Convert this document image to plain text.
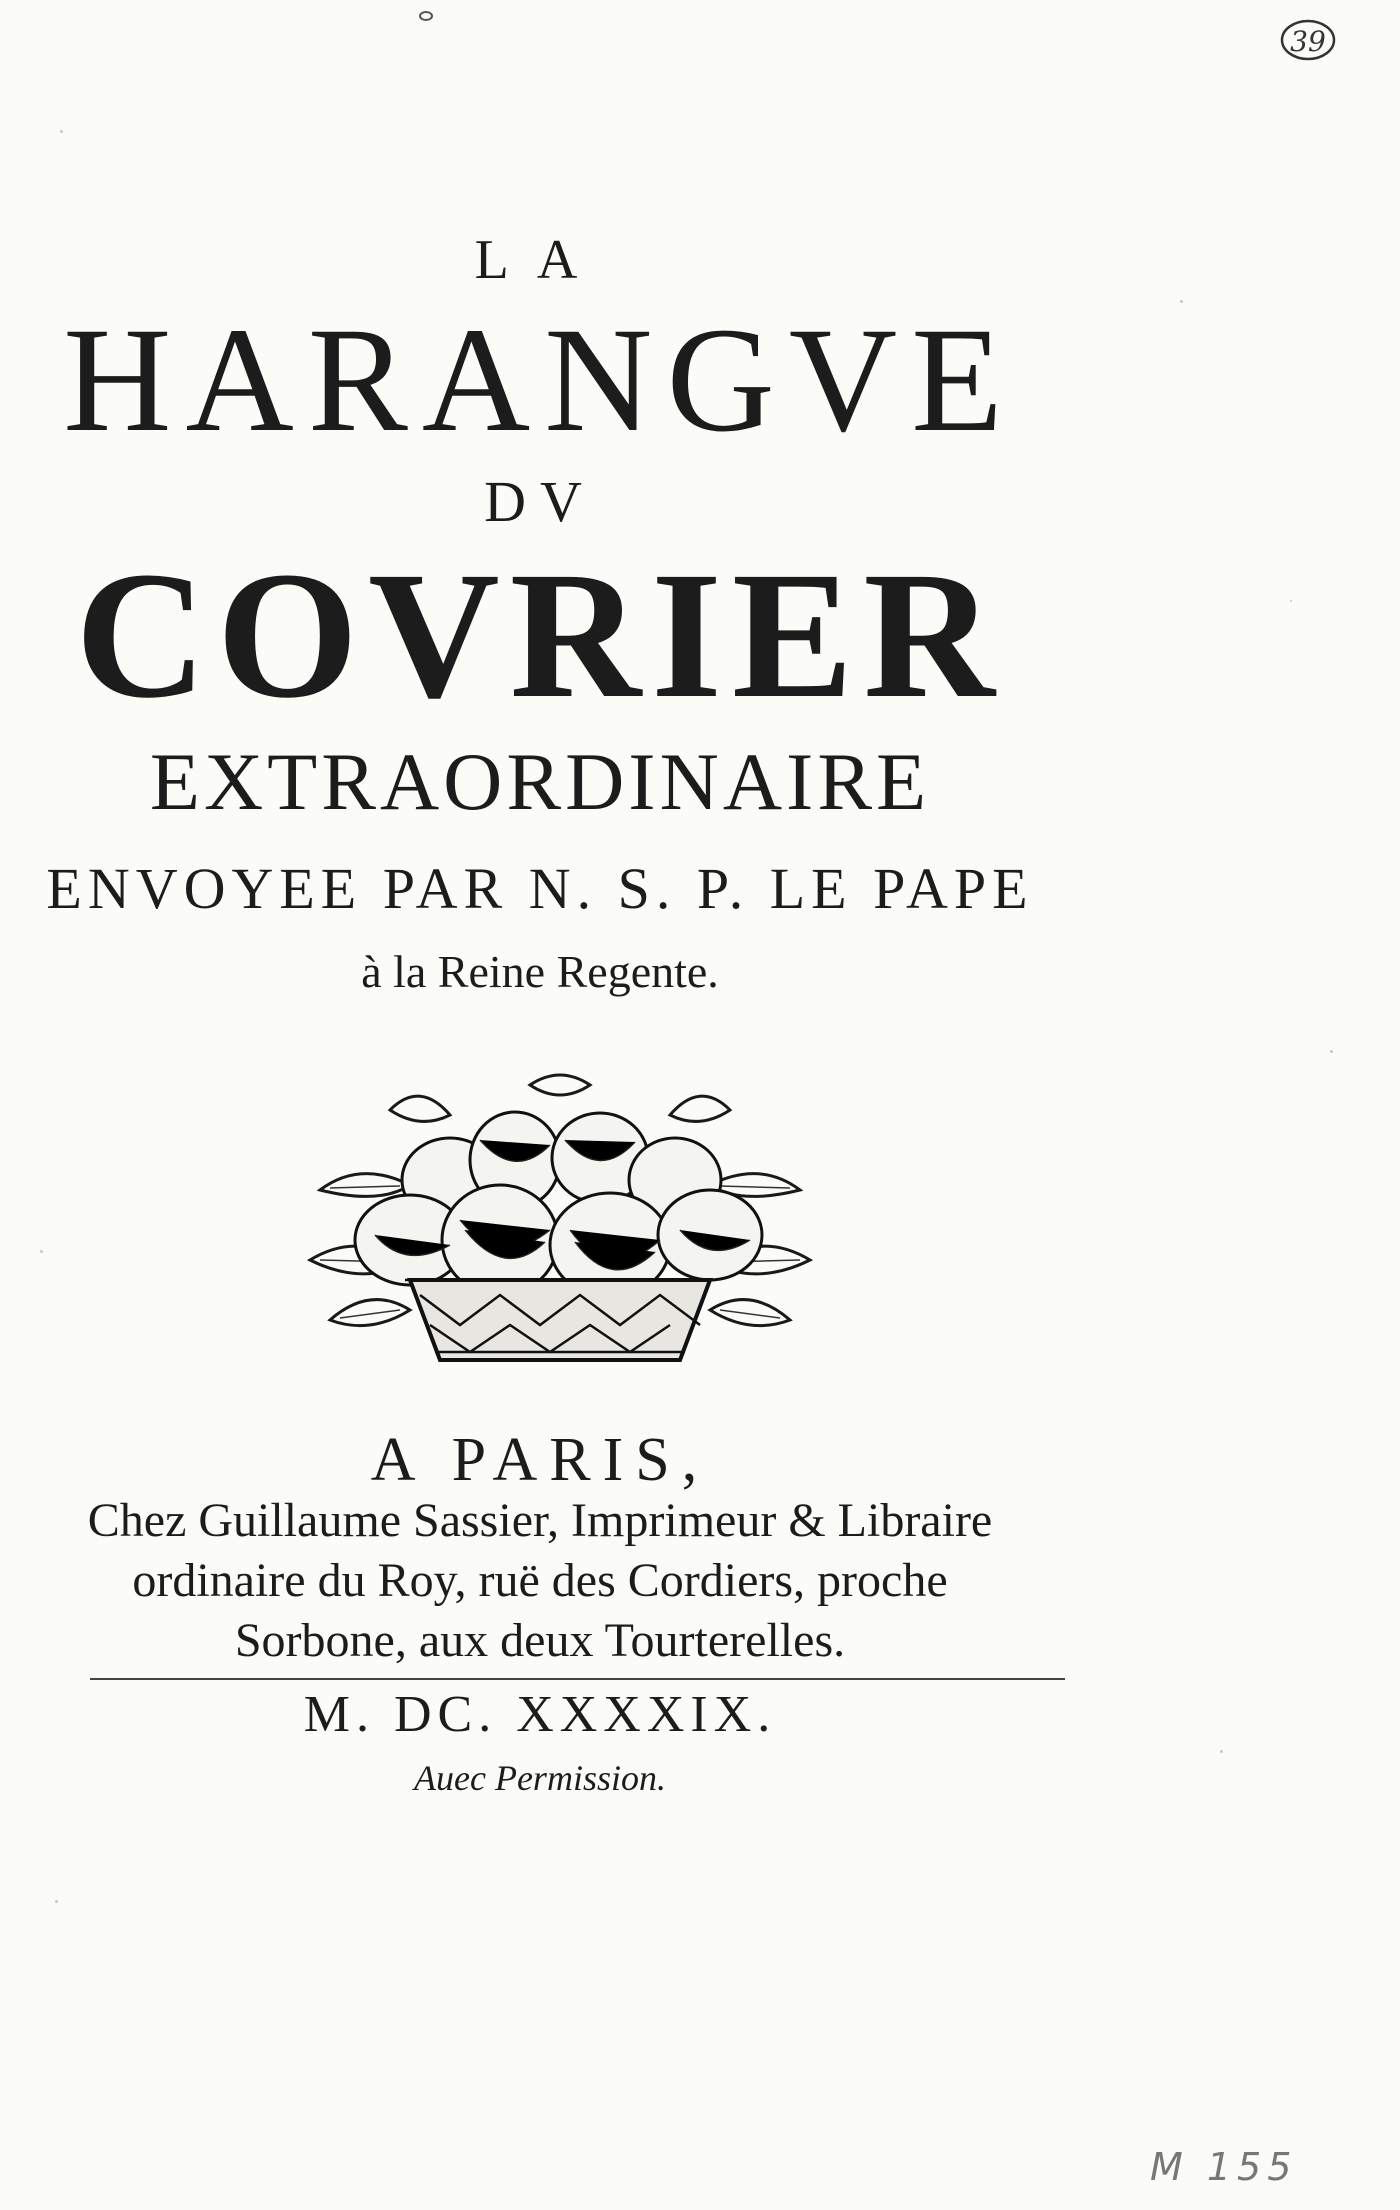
39
LA
HARANGVE
DV
COVRIER
EXTRAORDINAIRE
ENVOYEE PAR N. S. P. LE PAPE
à la Reine Regente.
A PARIS,
Chez Guillaume Sassier, Imprimeur & Libraire
ordinaire du Roy, ruë des Cordiers, proche
Sorbone, aux deux Tourterelles.
M. DC. XXXXIX.
Auec Permission.
M 155
